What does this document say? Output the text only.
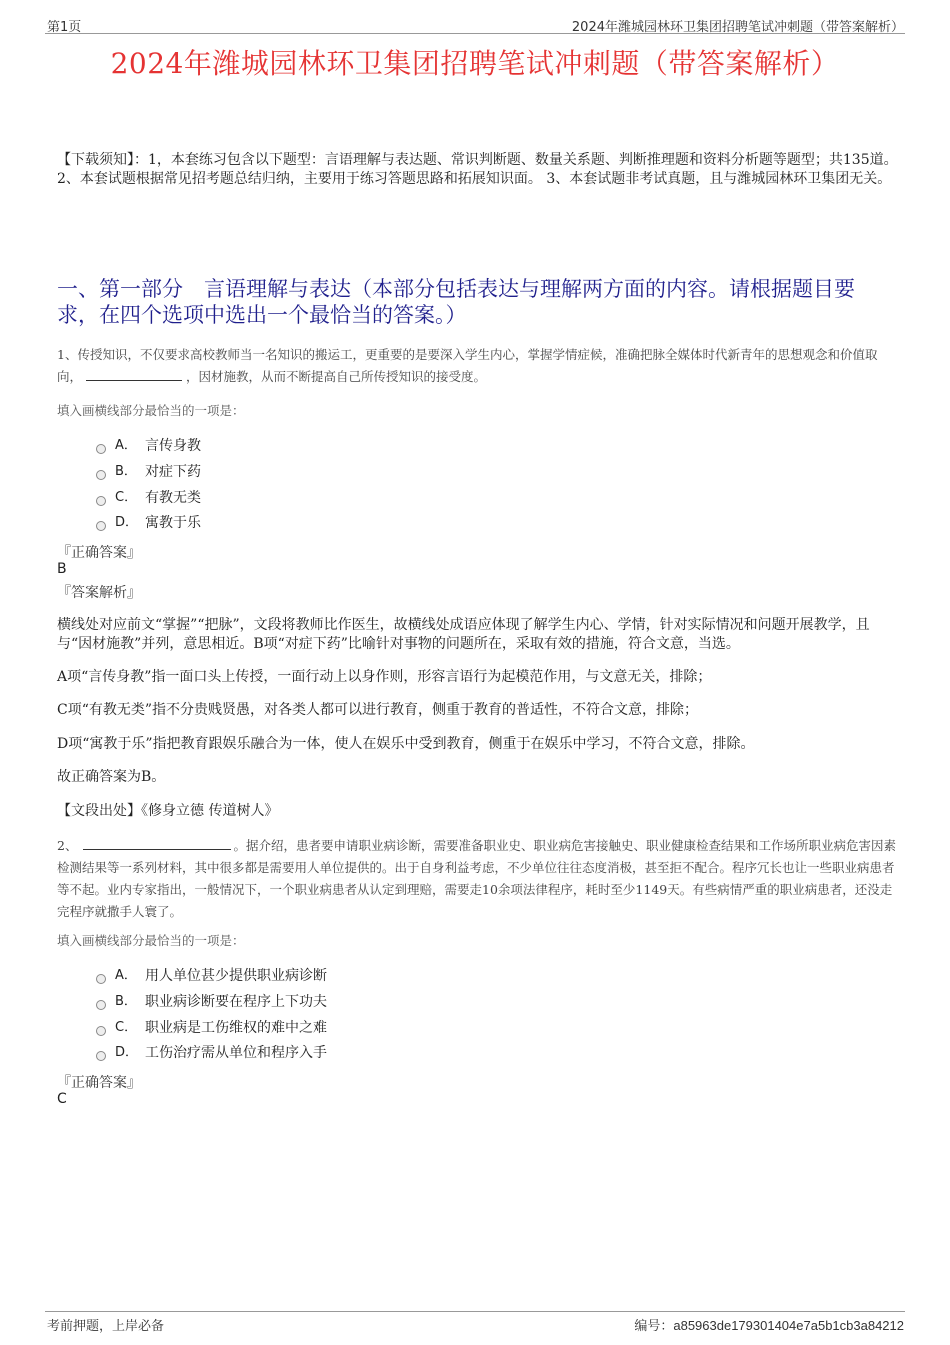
第1页	2024年潍城园林环卫集团招聘笔试冲刺题（带答案解析）
2024年潍城园林环卫集团招聘笔试冲刺题（带答案解析）
【下载须知】：1，本套练习包含以下题型：言语理解与表达题、常识判断题、数量关系题、判断推理题和资料分析题等题型；共135道。 2、本套试题根据常见招考题总结归纳，主要用于练习答题思路和拓展知识面。 3、本套试题非考试真题，且与潍城园林环卫集团无关。
一、第一部分　言语理解与表达（本部分包括表达与理解两方面的内容。请根据题目要求，在四个选项中选出一个最恰当的答案。）
1、传授知识，不仅要求高校教师当一名知识的搬运工，更重要的是要深入学生内心，掌握学情症候，准确把脉全媒体时代新青年的思想观念和价值取向，	，因材施教，从而不断提高自己所传授知识的接受度。
填入画横线部分最恰当的一项是：
A． 言传身教
B． 对症下药
C． 有教无类
D． 寓教于乐
『正确答案』
B
『答案解析』
横线处对应前文“掌握”“把脉”，文段将教师比作医生，故横线处成语应体现了解学生内心、学情，针对实际情况和问题开展教学，且与“因材施教”并列，意思相近。B项“对症下药”比喻针对事物的问题所在，采取有效的措施，符合文意，当选。
A项“言传身教”指一面口头上传授，一面行动上以身作则，形容言语行为起模范作用，与文意无关，排除；
C项“有教无类”指不分贵贱贤愚，对各类人都可以进行教育，侧重于教育的普适性，不符合文意，排除；
D项“寓教于乐”指把教育跟娱乐融合为一体，使人在娱乐中受到教育，侧重于在娱乐中学习，不符合文意，排除。
故正确答案为B。
【文段出处】《修身立德 传道树人》
2、	。据介绍，患者要申请职业病诊断，需要准备职业史、职业病危害接触史、职业健康检查结果和工作场所职业病危害因素检测结果等一系列材料，其中很多都是需要用人单位提供的。出于自身利益考虑，不少单位往往态度消极，甚至拒不配合。程序冗长也让一些职业病患者等不起。业内专家指出，一般情况下，一个职业病患者从认定到理赔，需要走10余项法律程序，耗时至少1149天。有些病情严重的职业病患者，还没走完程序就撒手人寰了。
填入画横线部分最恰当的一项是：
A． 用人单位甚少提供职业病诊断
B． 职业病诊断要在程序上下功夫
C． 职业病是工伤维权的难中之难
D． 工伤治疗需从单位和程序入手
『正确答案』
C
考前押题，上岸必备	编号：a85963de179301404e7a5b1cb3a84212
